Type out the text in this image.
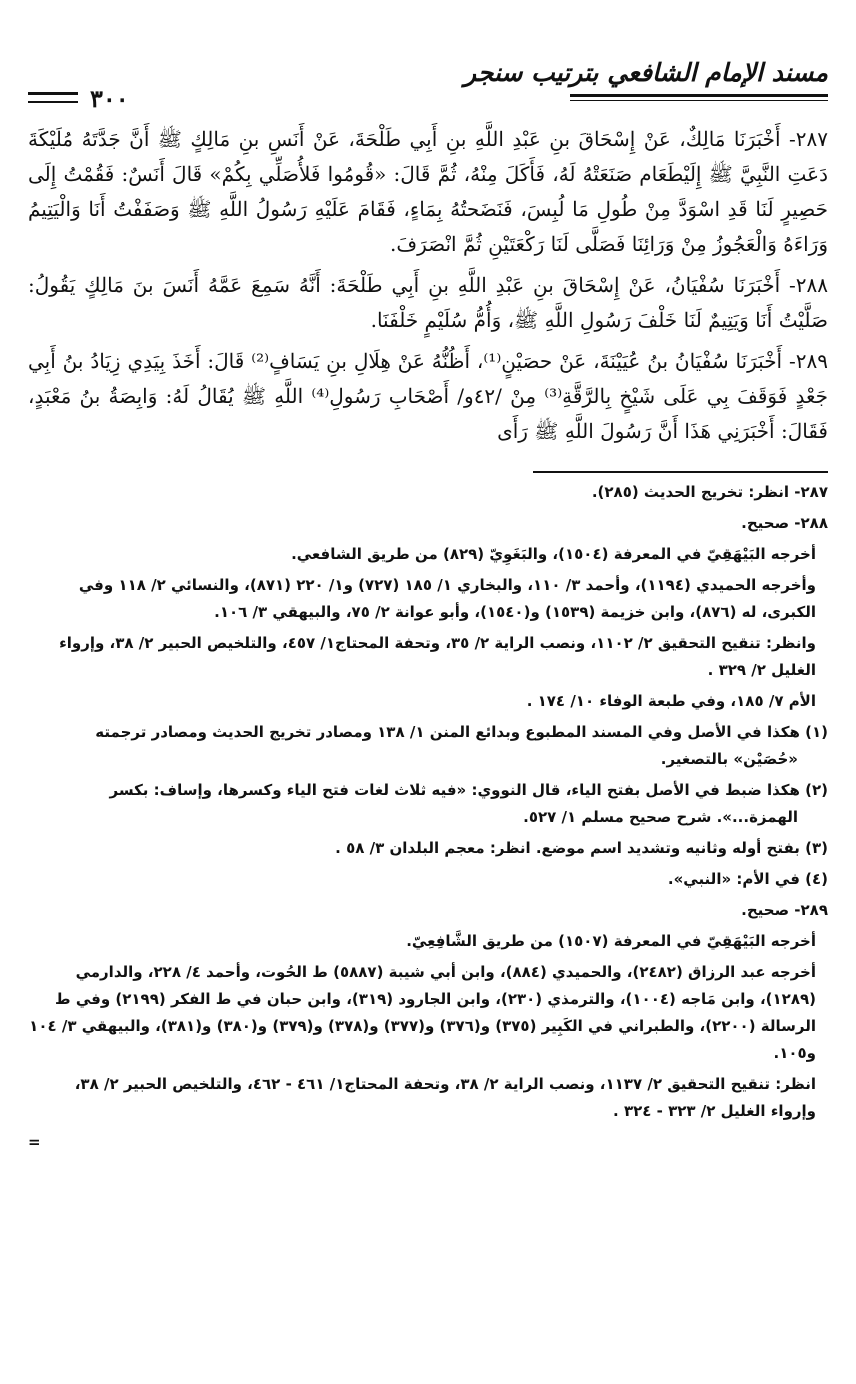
مسند الإمام الشافعي بترتيب سنجر
٣٠٠

٢٨٧- أَخْبَرَنَا مَالِكٌ، عَنْ إِسْحَاقَ بنِ عَبْدِ اللَّهِ بنِ أَبِي طَلْحَةَ، عَنْ أَنَسِ بنِ مَالِكٍ ﷺ أَنَّ جَدَّتَهُ مُلَيْكَةَ دَعَتِ النَّبِيَّ ﷺ إِلَيْطَعَام صَنَعَتْهُ لَهُ، فَأَكَلَ مِنْهُ، ثُمَّ قَالَ: «قُومُوا فَلأُصَلِّي بِكُمْ» قَالَ أَنَسٌ: فَقُمْتُ إِلَى حَصِيرٍ لَنَا قَدِ اسْوَدَّ مِنْ طُولِ مَا لُبِسَ، فَنَضَحتُهُ بِمَاءٍ، فَقَامَ عَلَيْهِ رَسُولُ اللَّهِ ﷺ وَصَفَفْتُ أَنَا وَالْيَتِيمُ وَرَاءَهُ وَالْعَجُوزُ مِنْ وَرَائِنَا فَصَلَّى لَنَا رَكْعَتَيْنِ ثُمَّ انْصَرَفَ.

٢٨٨- أَخْبَرَنَا سُفْيَانُ، عَنْ إِسْحَاقَ بنِ عَبْدِ اللَّهِ بنِ أَبِي طَلْحَةَ: أَنَّهُ سَمِعَ عَمَّهُ أَنَسَ بنَ مَالِكٍ يَقُولُ: صَلَّيْتُ أَنَا وَيَتِيمٌ لَنَا خَلْفَ رَسُولِ اللَّهِ ﷺ، وَأُمُّ سُلَيْمٍ خَلْفَنَا.

٢٨٩- أَخْبَرَنَا سُفْيَانُ بنُ عُيَيْنَةَ، عَنْ حصَيْنٍ⁽¹⁾، أَظُنُّهُ عَنْ هِلَالِ بنِ يَسَافٍ⁽²⁾ قَالَ: أَخَذَ بِيَدِي زِيَادُ بنُ أَبِي جَعْدٍ فَوَقَفَ بِي عَلَى شَيْخٍ بِالرَّقَّةِ⁽³⁾ مِنْ /٤٢و/ أَصْحَابِ رَسُولِ⁽⁴⁾ اللَّهِ ﷺ يُقَالُ لَهُ: وَابِصَةُ بنُ مَعْبَدٍ، فَقَالَ: أَخْبَرَنِي هَذَا أَنَّ رَسُولَ اللَّهِ ﷺ رَأَى

٢٨٧- انظر: تخريج الحديث (٢٨٥).

٢٨٨- صحيح.

أخرجه البَيْهَقِيّ في المعرفة (١٥٠٤)، والبَغَوِيّ (٨٢٩) من طريق الشافعي.

وأخرجه الحميدي (١١٩٤)، وأحمد ٣/ ١١٠، والبخاري ١/ ١٨٥ (٧٢٧) و١/ ٢٢٠ (٨٧١)، والنسائي ٢/ ١١٨ وفي الكبرى، له (٨٧٦)، وابن خزيمة (١٥٣٩) و(١٥٤٠)، وأبو عوانة ٢/ ٧٥، والبيهقي ٣/ ١٠٦.

وانظر: تنقيح التحقيق ٢/ ١١٠٢، ونصب الراية ٢/ ٣٥، وتحفة المحتاج١/ ٤٥٧، والتلخيص الحبير ٢/ ٣٨، وإرواء الغليل ٢/ ٣٢٩ .

الأم ٧/ ١٨٥، وفي طبعة الوفاء ١٠/ ١٧٤ .

(١) هكذا في الأصل وفي المسند المطبوع وبدائع المنن ١/ ١٣٨ ومصادر تخريج الحديث ومصادر ترجمته «حُصَيْن» بالتصغير.

(٢) هكذا ضبط في الأصل بفتح الياء، قال النووي: «فيه ثلاث لغات فتح الياء وكسرها، وإساف: بكسر الهمزة...». شرح صحيح مسلم ١/ ٥٢٧.

(٣) بفتح أوله وثانيه وتشديد اسم موضع. انظر: معجم البلدان ٣/ ٥٨ .

(٤) في الأم: «النبي».

٢٨٩- صحيح.

أخرجه البَيْهَقِيّ في المعرفة (١٥٠٧) من طريق الشَّافِعِيّ.

أخرجه عبد الرزاق (٢٤٨٢)، والحميدي (٨٨٤)، وابن أبي شيبة (٥٨٨٧) ط الحُوت، وأحمد ٤/ ٢٢٨، والدارمي (١٢٨٩)، وابن مَاجه (١٠٠٤)، والترمذي (٢٣٠)، وابن الجارود (٣١٩)، وابن حبان في ط الفكر (٢١٩٩) وفي ط الرسالة (٢٢٠٠)، والطبراني في الكَبِير (٣٧٥) و(٣٧٦) و(٣٧٧) و(٣٧٨) و(٣٧٩) و(٣٨٠) و(٣٨١)، والبيهقي ٣/ ١٠٤ و١٠٥.

انظر: تنقيح التحقيق ٢/ ١١٣٧، ونصب الراية ٢/ ٣٨، وتحفة المحتاج١/ ٤٦١ - ٤٦٢، والتلخيص الحبير ٢/ ٣٨، وإرواء الغليل ٢/ ٣٢٣ - ٣٢٤ .

=
